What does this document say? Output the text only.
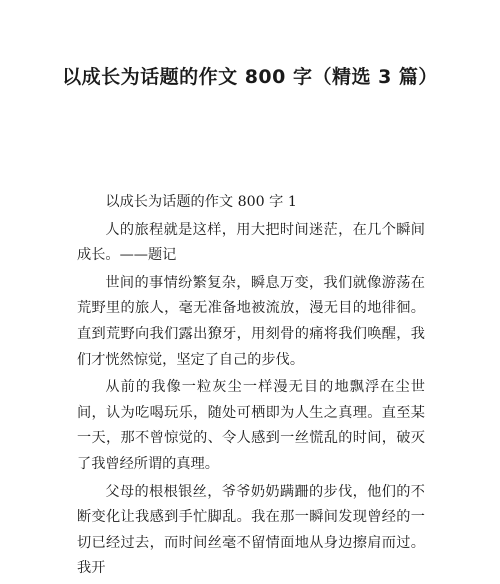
以成长为话题的作文 800 字（精选 3 篇）

以成长为话题的作文 800 字 1

人的旅程就是这样，用大把时间迷茫，在几个瞬间成长。——题记

世间的事情纷繁复杂，瞬息万变，我们就像游荡在荒野里的旅人，毫无准备地被流放，漫无目的地徘徊。直到荒野向我们露出獠牙，用刻骨的痛将我们唤醒，我们才恍然惊觉，坚定了自己的步伐。

从前的我像一粒灰尘一样漫无目的地飘浮在尘世间，认为吃喝玩乐，随处可栖即为人生之真理。直至某一天，那不曾惊觉的、令人感到一丝慌乱的时间，破灭了我曾经所谓的真理。

父母的根根银丝，爷爷奶奶蹒跚的步伐，他们的不断变化让我感到手忙脚乱。我在那一瞬间发现曾经的一切已经过去，而时间丝毫不留情面地从身边擦肩而过。我开
